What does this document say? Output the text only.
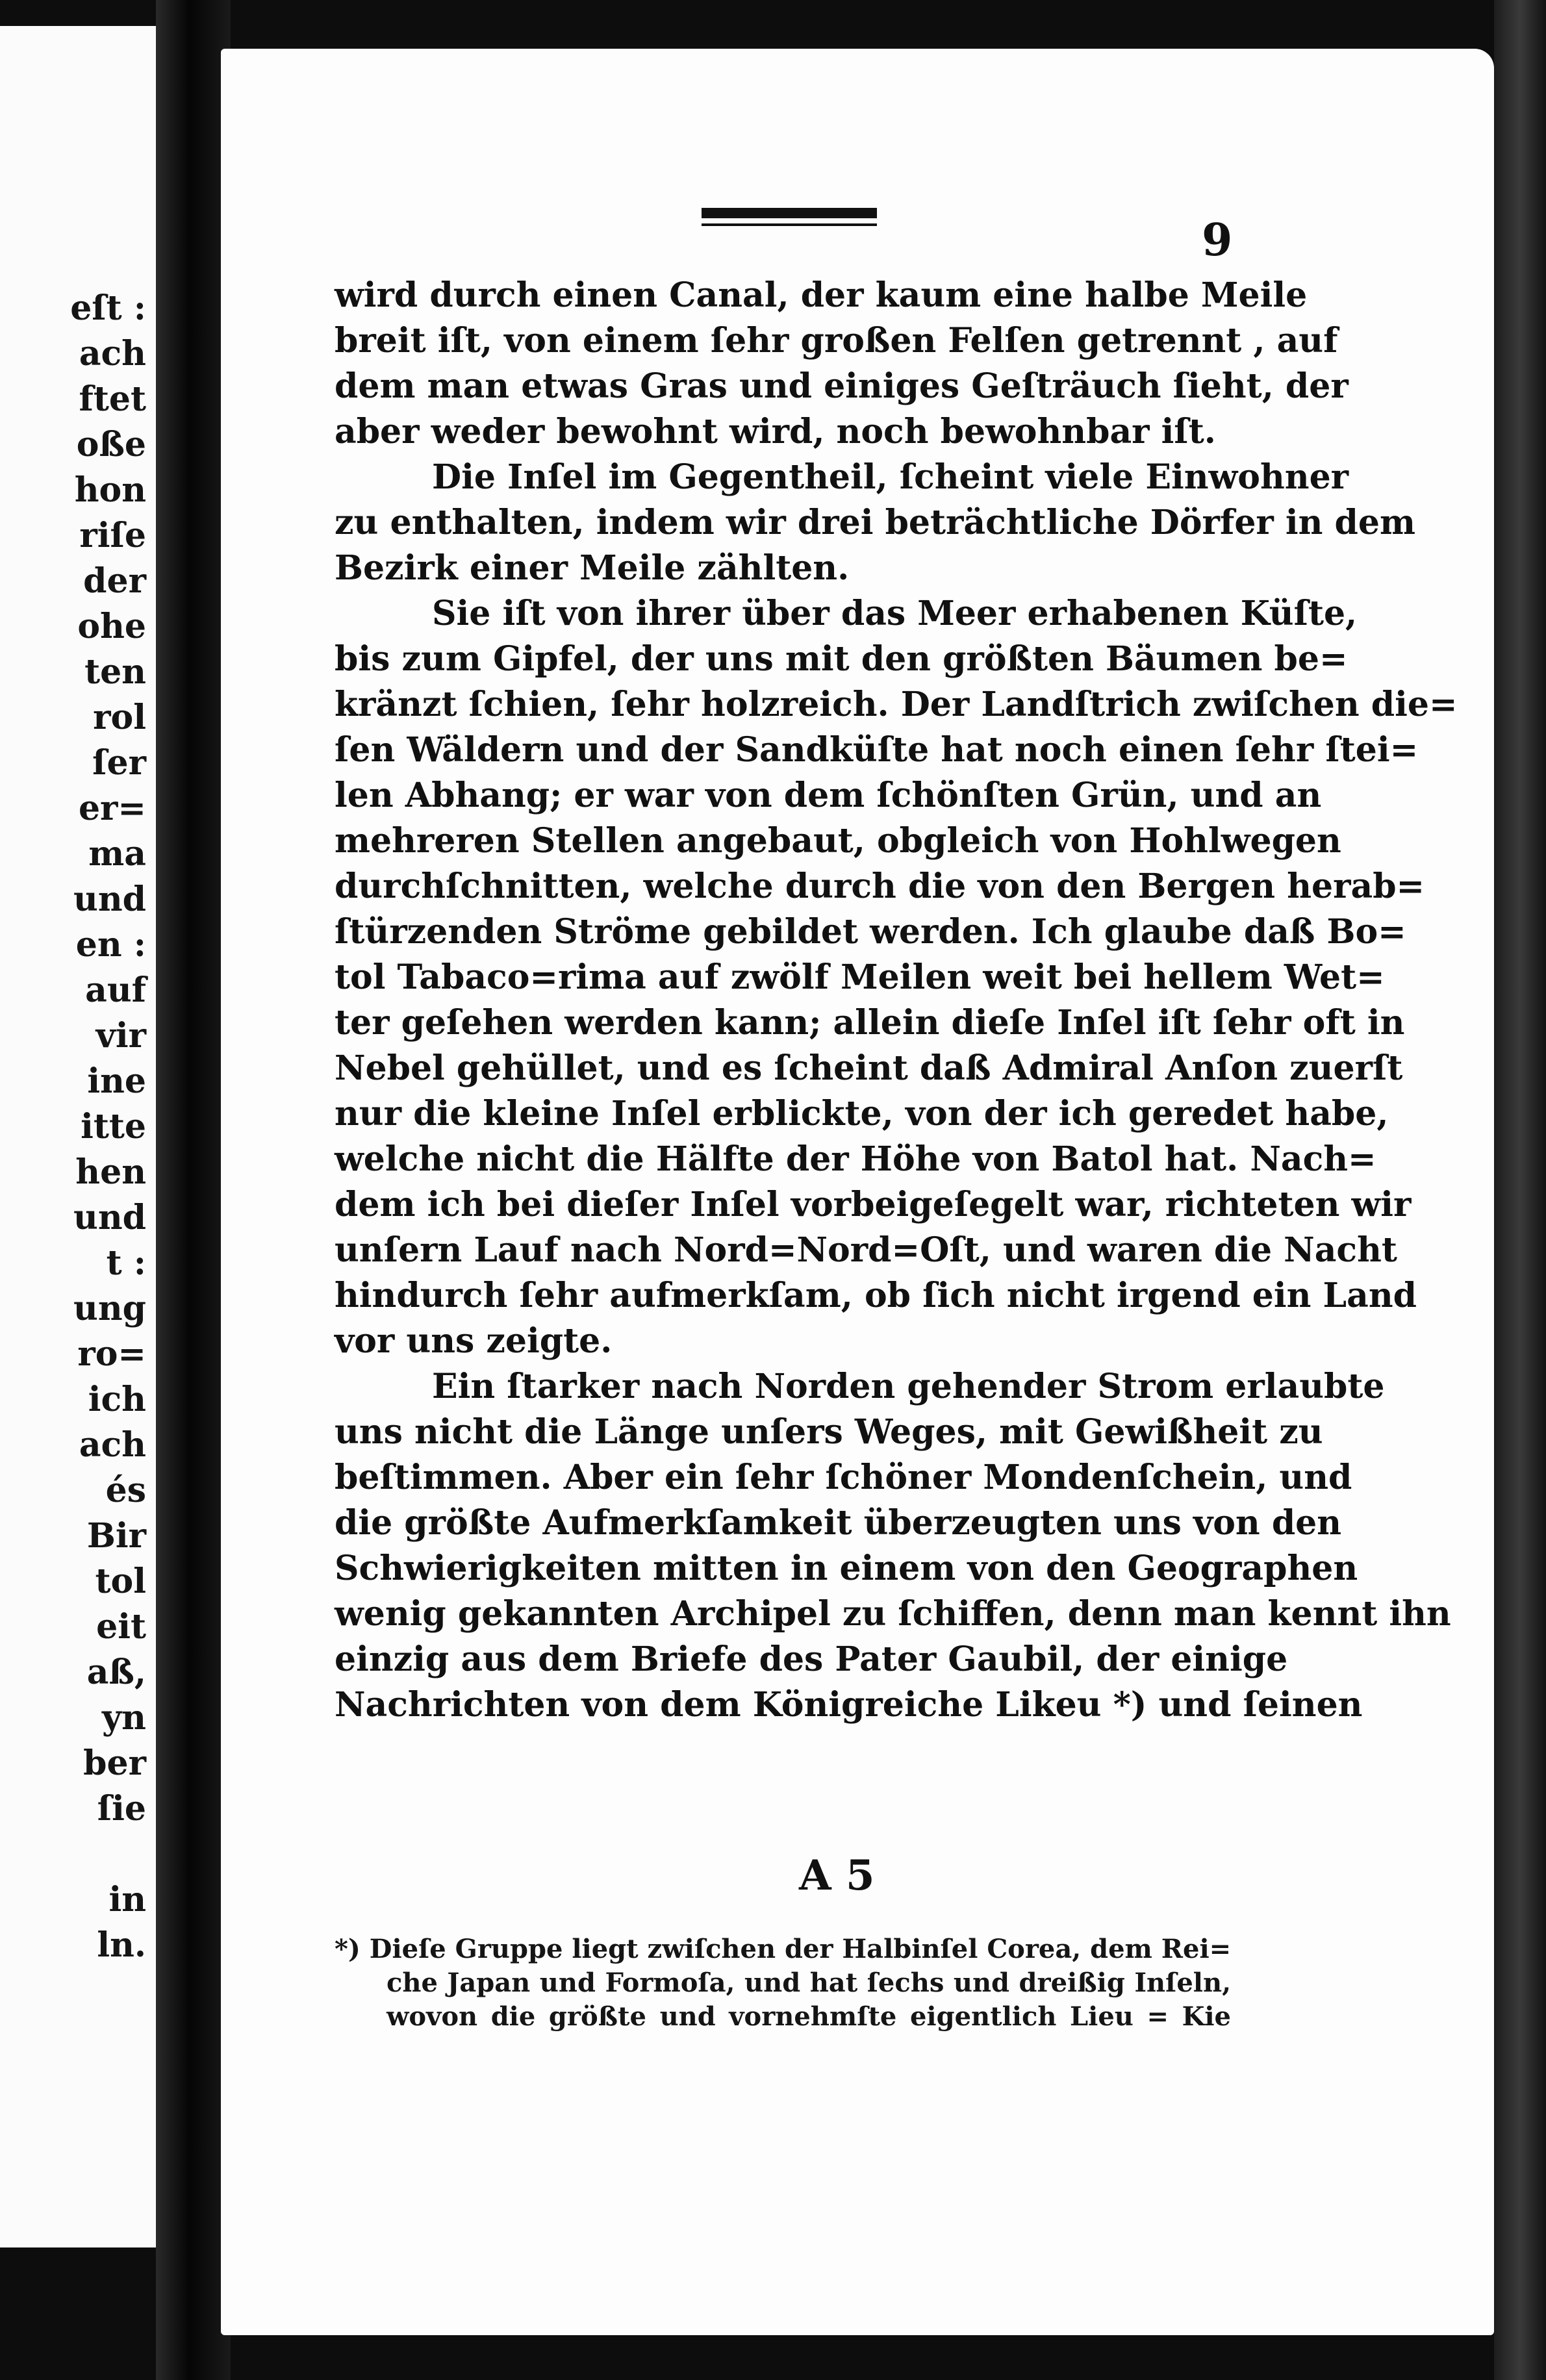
eſt :
ach
ftet
oße
hon
riſe
der
ohe
ten
rol
ſer
er=
ma
und
en :
auf
vir
ine
itte
hen
und
t :
ung
ro=
ich
ach
és
Bir
tol
eit
aß,
yn
ber
ſie
in
ln.
9
wird durch einen Canal, der kaum eine halbe Meile
breit iſt, von einem ſehr großen Felſen getrennt , auf
dem man etwas Gras und einiges Geſträuch ſieht, der
aber weder bewohnt wird, noch bewohnbar iſt.
Die Inſel im Gegentheil, ſcheint viele Einwohner
zu enthalten, indem wir drei beträchtliche Dörfer in dem
Bezirk einer Meile zählten.
Sie iſt von ihrer über das Meer erhabenen Küſte,
bis zum Gipfel, der uns mit den größten Bäumen be=
kränzt ſchien, ſehr holzreich. Der Landſtrich zwiſchen die=
ſen Wäldern und der Sandküſte hat noch einen ſehr ſtei=
len Abhang; er war von dem ſchönſten Grün, und an
mehreren Stellen angebaut, obgleich von Hohlwegen
durchſchnitten, welche durch die von den Bergen herab=
ſtürzenden Ströme gebildet werden. Ich glaube daß Bo=
tol Tabaco=rima auf zwölf Meilen weit bei hellem Wet=
ter geſehen werden kann; allein dieſe Inſel iſt ſehr oft in
Nebel gehüllet, und es ſcheint daß Admiral Anſon zuerſt
nur die kleine Inſel erblickte, von der ich geredet habe,
welche nicht die Hälfte der Höhe von Batol hat. Nach=
dem ich bei dieſer Inſel vorbeigeſegelt war, richteten wir
unſern Lauf nach Nord=Nord=Oſt, und waren die Nacht
hindurch ſehr aufmerkſam, ob ſich nicht irgend ein Land
vor uns zeigte.
Ein ſtarker nach Norden gehender Strom erlaubte
uns nicht die Länge unſers Weges, mit Gewißheit zu
beſtimmen. Aber ein ſehr ſchöner Mondenſchein, und
die größte Aufmerkſamkeit überzeugten uns von den
Schwierigkeiten mitten in einem von den Geographen
wenig gekannten Archipel zu ſchiffen, denn man kennt ihn
einzig aus dem Briefe des Pater Gaubil, der einige
Nachrichten von dem Königreiche Likeu *) und ſeinen
A 5
*) Dieſe Gruppe liegt zwiſchen der Halbinſel Corea, dem Rei=
che Japan und Formoſa, und hat ſechs und dreißig Inſeln,
wovon die größte und vornehmſte eigentlich Lieu = Kie
